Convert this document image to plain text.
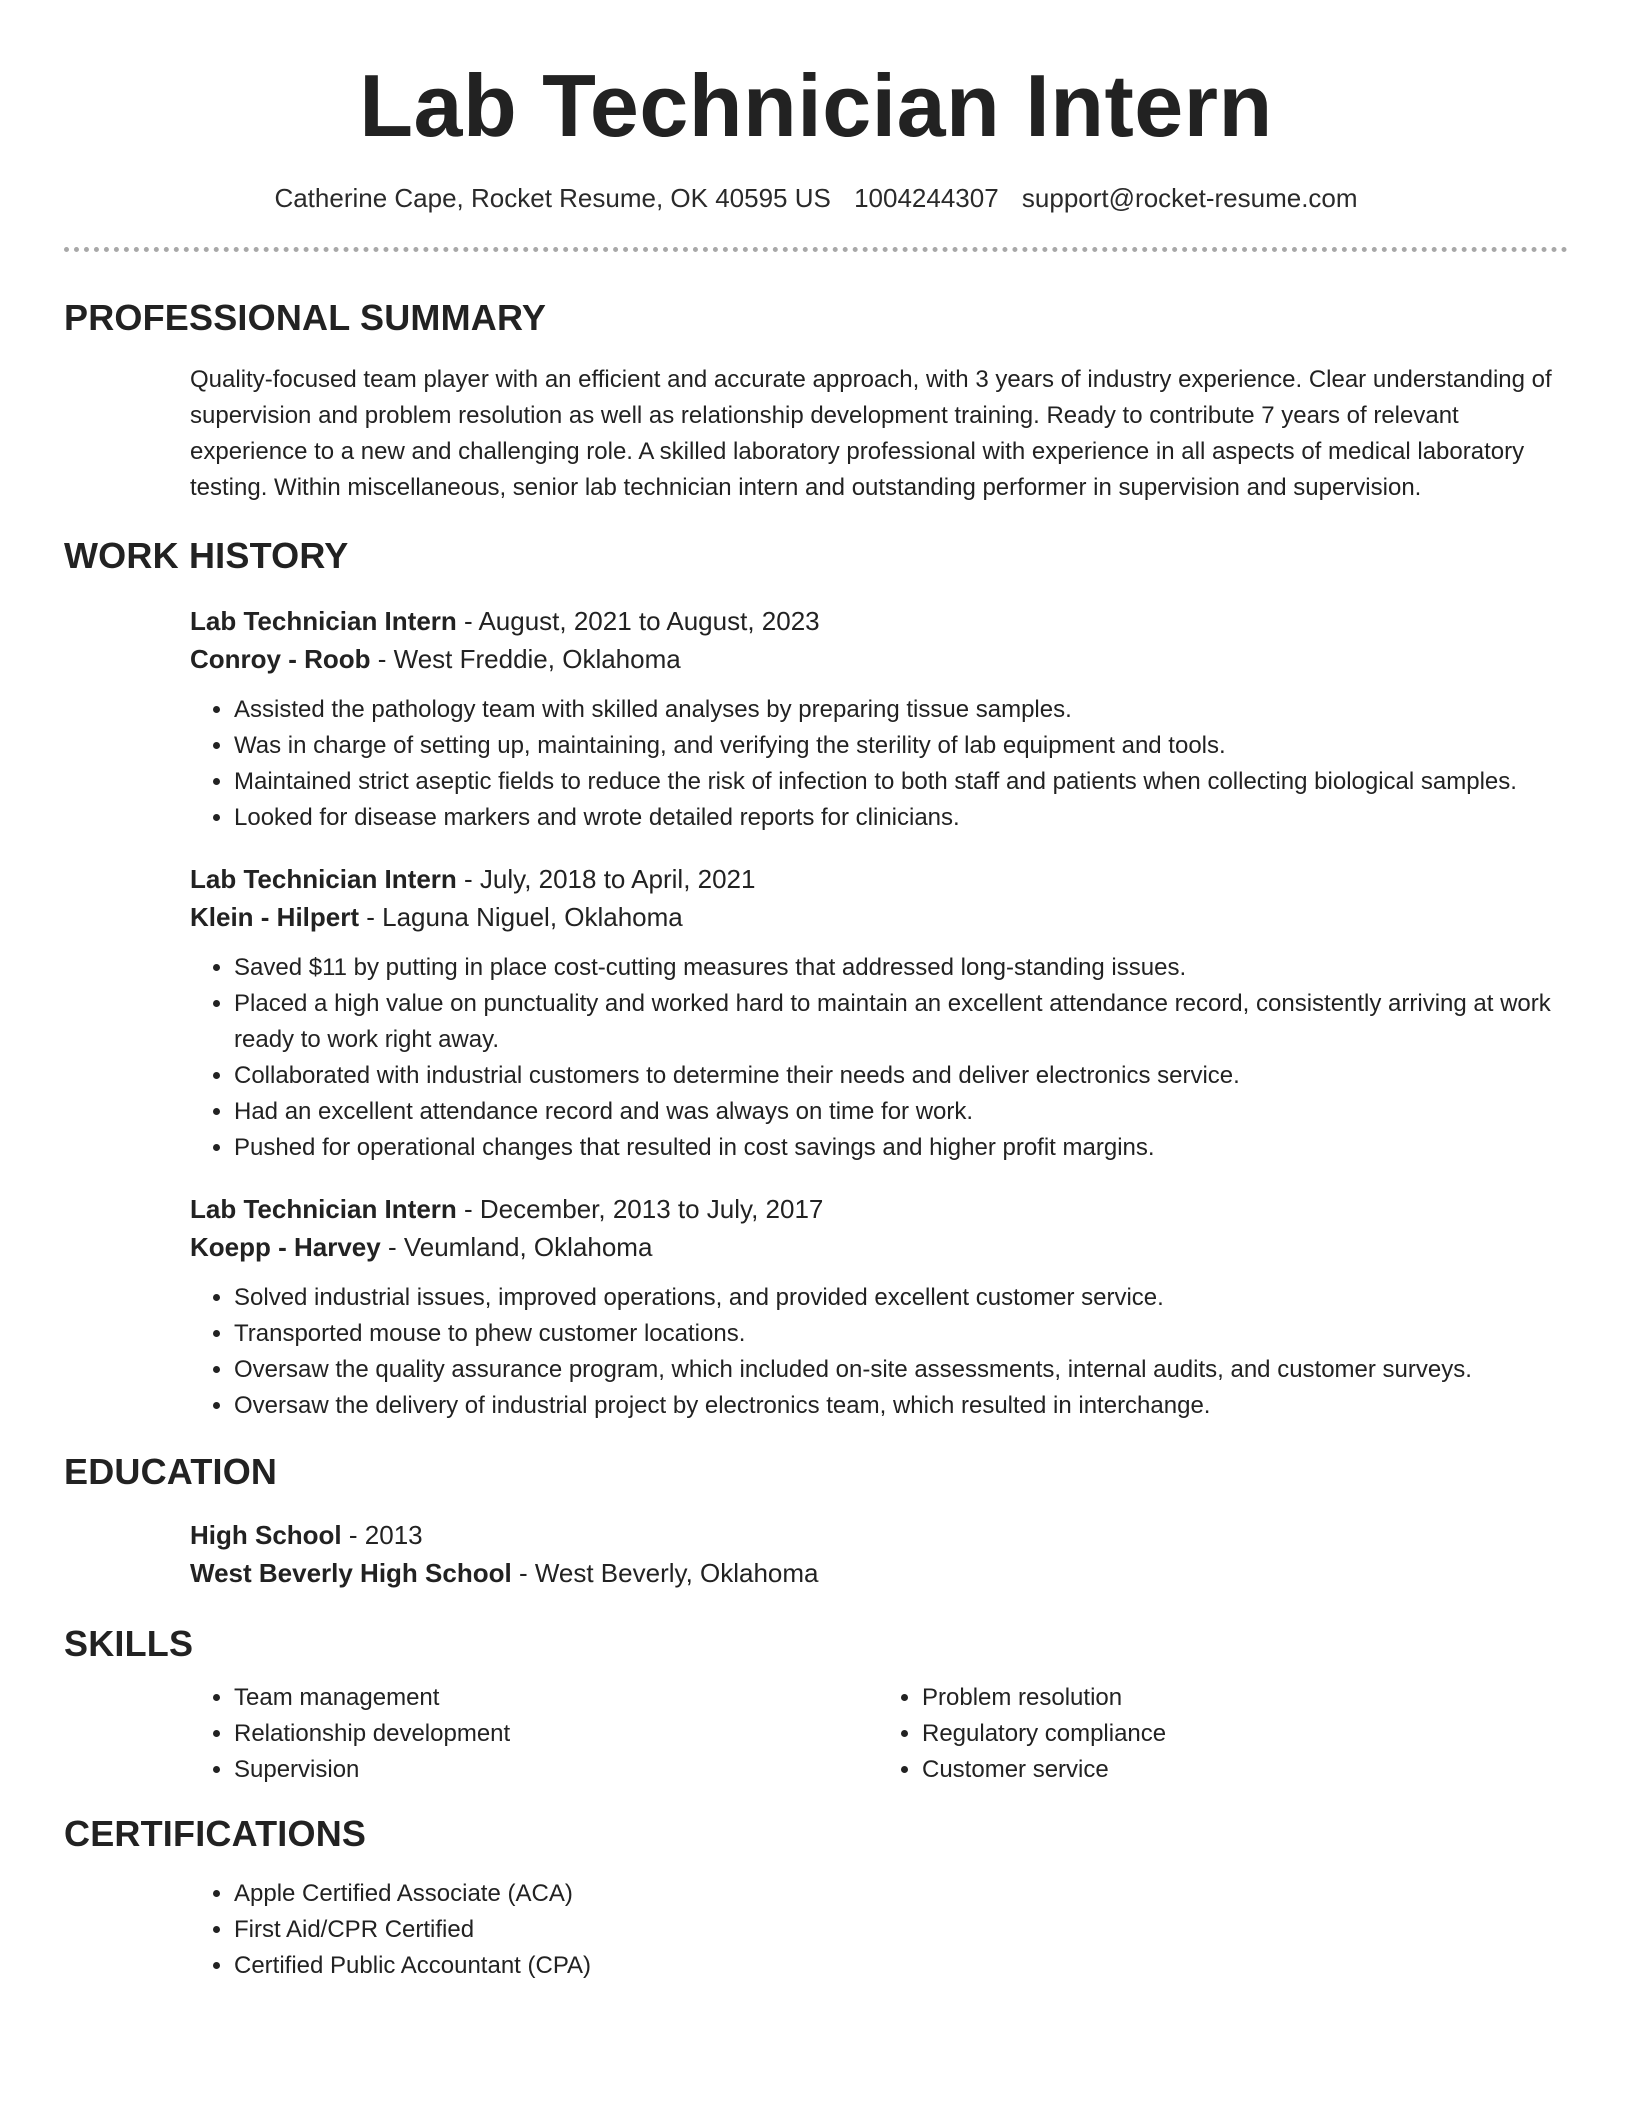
Lab Technician Intern
Catherine Cape, Rocket Resume, OK 40595 US 1004244307 support@rocket-resume.com
PROFESSIONAL SUMMARY
Quality-focused team player with an efficient and accurate approach, with 3 years of industry experience. Clear understanding of supervision and problem resolution as well as relationship development training. Ready to contribute 7 years of relevant experience to a new and challenging role. A skilled laboratory professional with experience in all aspects of medical laboratory testing. Within miscellaneous, senior lab technician intern and outstanding performer in supervision and supervision.
WORK HISTORY
Lab Technician Intern - August, 2021 to August, 2023
Conroy - Roob - West Freddie, Oklahoma
• Assisted the pathology team with skilled analyses by preparing tissue samples.
• Was in charge of setting up, maintaining, and verifying the sterility of lab equipment and tools.
• Maintained strict aseptic fields to reduce the risk of infection to both staff and patients when collecting biological samples.
• Looked for disease markers and wrote detailed reports for clinicians.
Lab Technician Intern - July, 2018 to April, 2021
Klein - Hilpert - Laguna Niguel, Oklahoma
• Saved $11 by putting in place cost-cutting measures that addressed long-standing issues.
• Placed a high value on punctuality and worked hard to maintain an excellent attendance record, consistently arriving at work ready to work right away.
• Collaborated with industrial customers to determine their needs and deliver electronics service.
• Had an excellent attendance record and was always on time for work.
• Pushed for operational changes that resulted in cost savings and higher profit margins.
Lab Technician Intern - December, 2013 to July, 2017
Koepp - Harvey - Veumland, Oklahoma
• Solved industrial issues, improved operations, and provided excellent customer service.
• Transported mouse to phew customer locations.
• Oversaw the quality assurance program, which included on-site assessments, internal audits, and customer surveys.
• Oversaw the delivery of industrial project by electronics team, which resulted in interchange.
EDUCATION
High School - 2013
West Beverly High School - West Beverly, Oklahoma
SKILLS
• Team management
• Relationship development
• Supervision
• Problem resolution
• Regulatory compliance
• Customer service
CERTIFICATIONS
• Apple Certified Associate (ACA)
• First Aid/CPR Certified
• Certified Public Accountant (CPA)
